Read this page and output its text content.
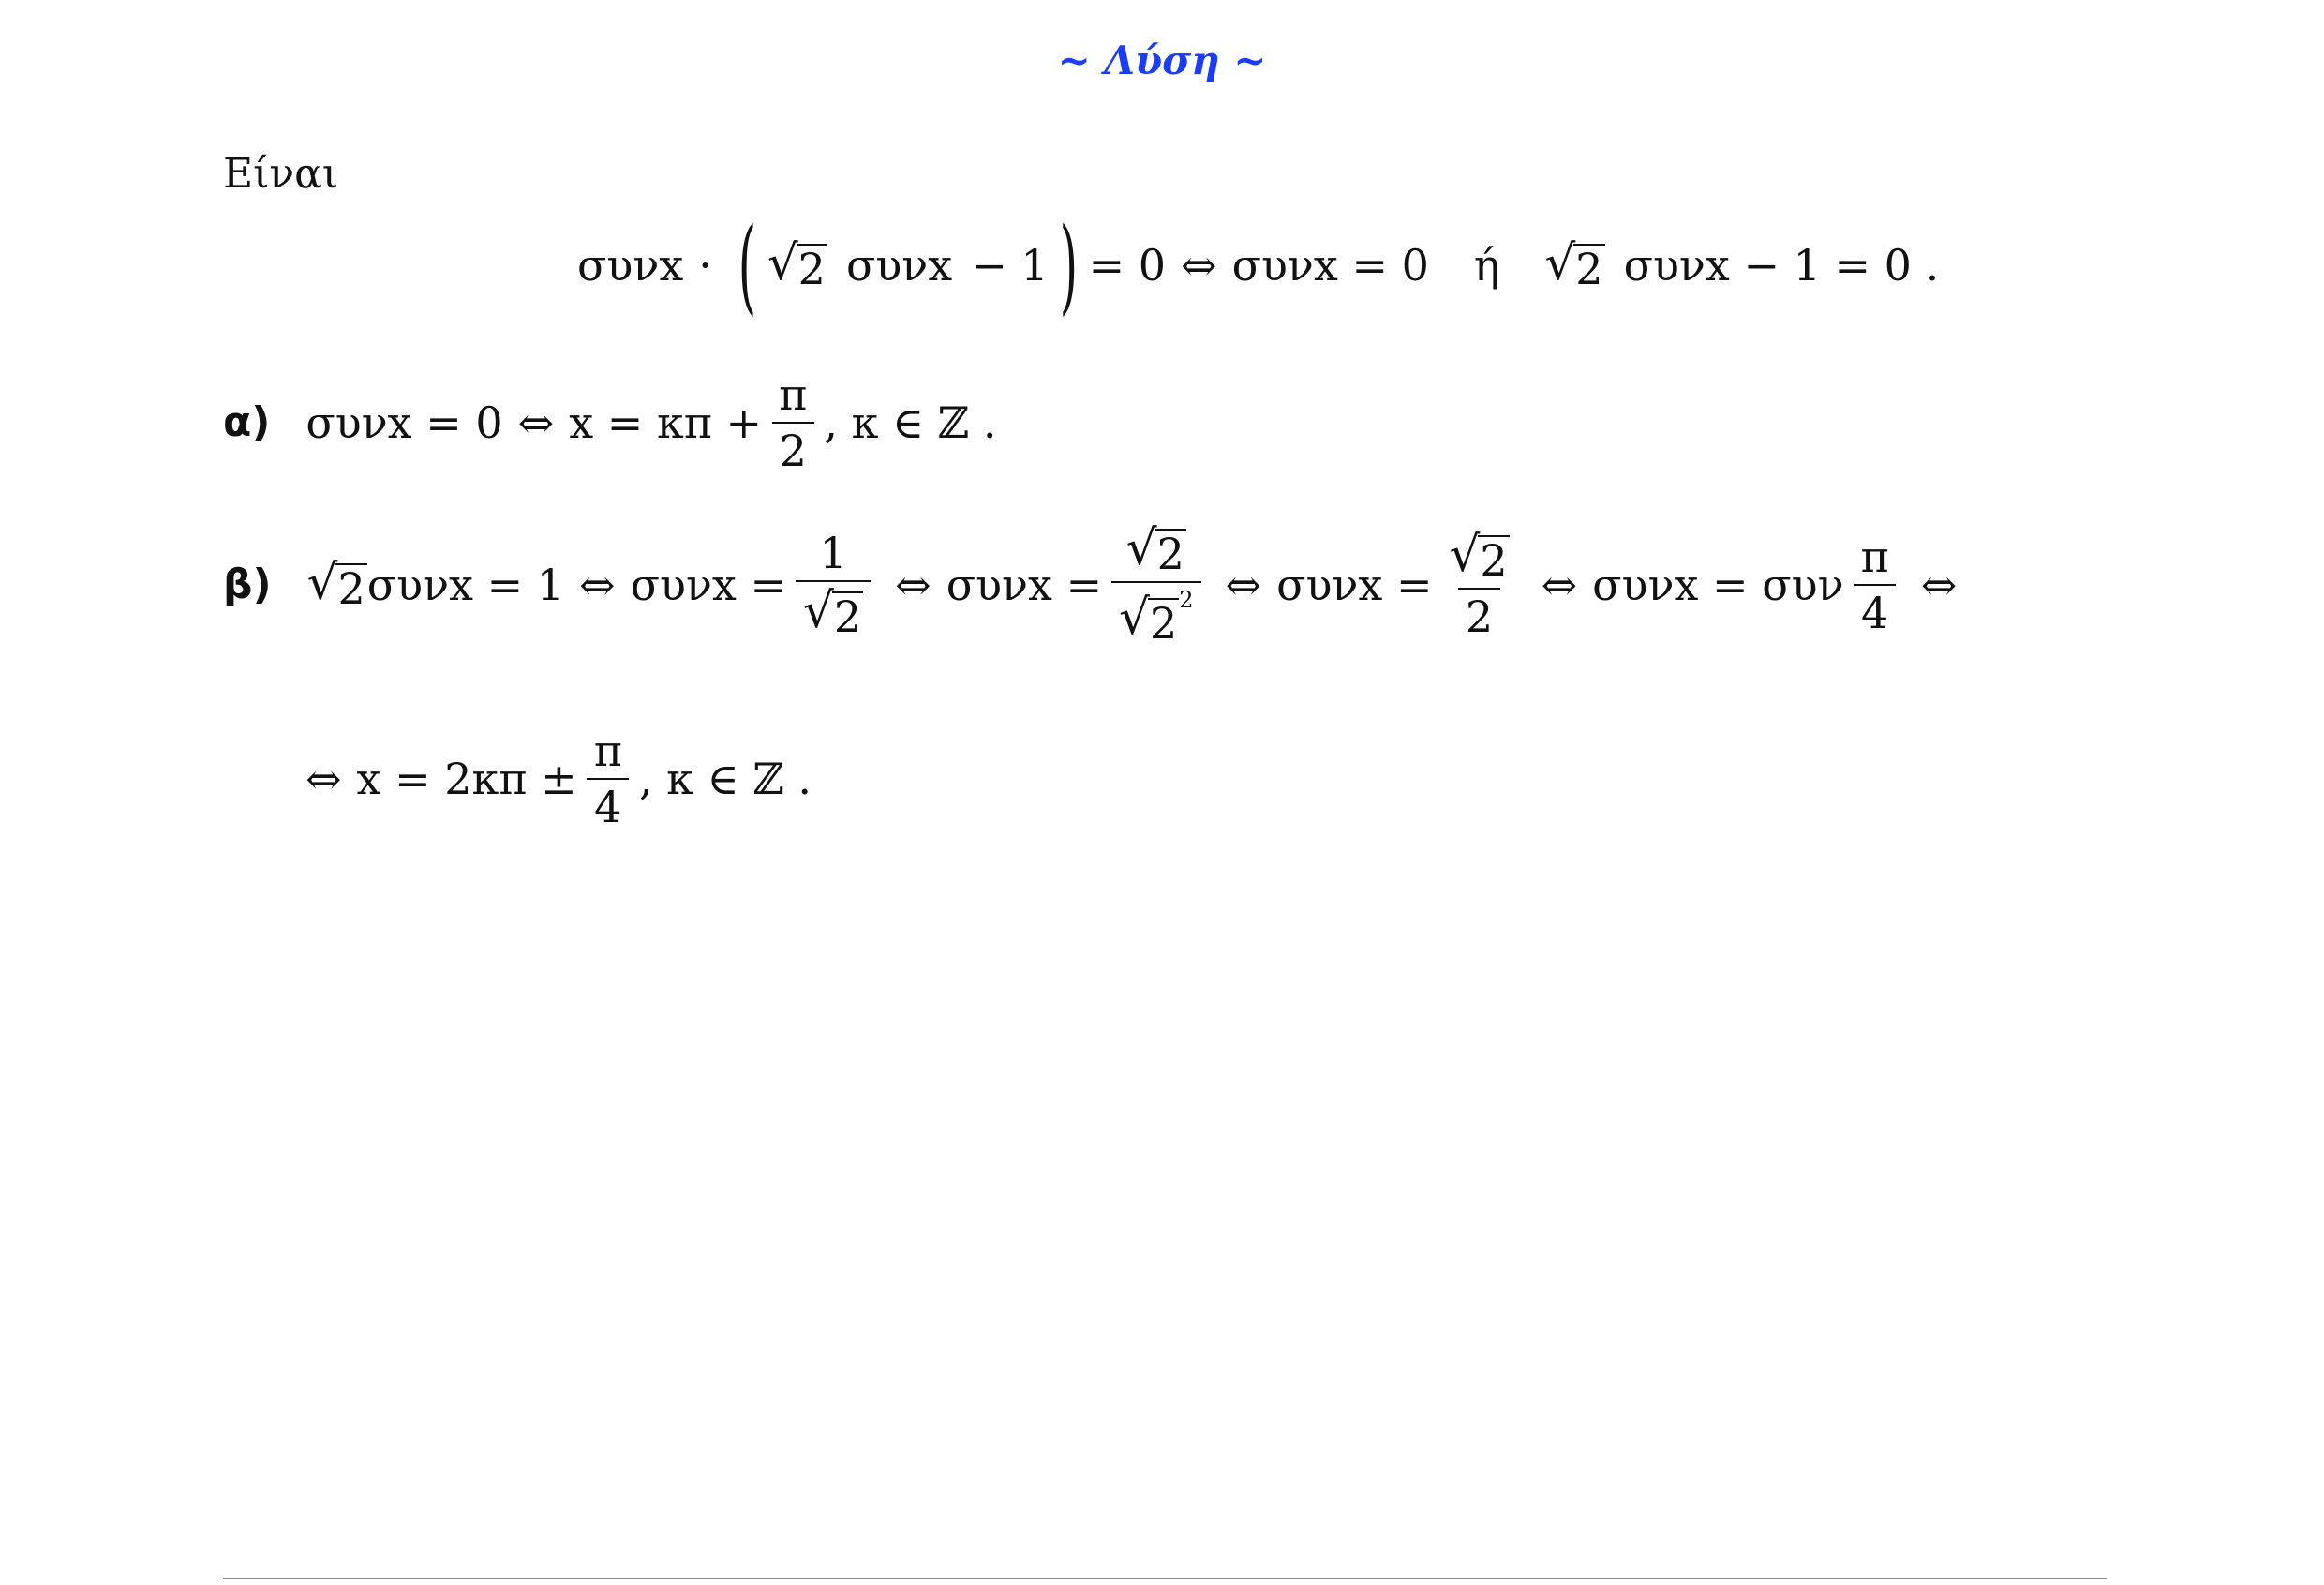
~ Λύση ~
Είναι
συνx · ( √ 2 συνx − 1 ) = 0 ⇔ συνx = 0 ή √ 2 συνx − 1 = 0 .
α) συνx = 0 ⇔ $x = \kappa\pi + \frac{\pi}{2}$ , κ ∈ ℤ .
β) √ 2 συνx = 1 ⇔ $\sigma\upsilon\nu x = \frac{1}{√ 2}$ ⇔ $\sigma\upsilon\nu x = \frac{√ 2}{√ 2 ^2}$ ⇔ $\sigma\upsilon\nu x = \frac{√ 2}{2}$ ⇔ συνx = συν $\frac{\pi}{4}$ ⇔
⇔ $x = 2\kappa\pi \pm \frac{\pi}{4}$ , κ ∈ ℤ .
